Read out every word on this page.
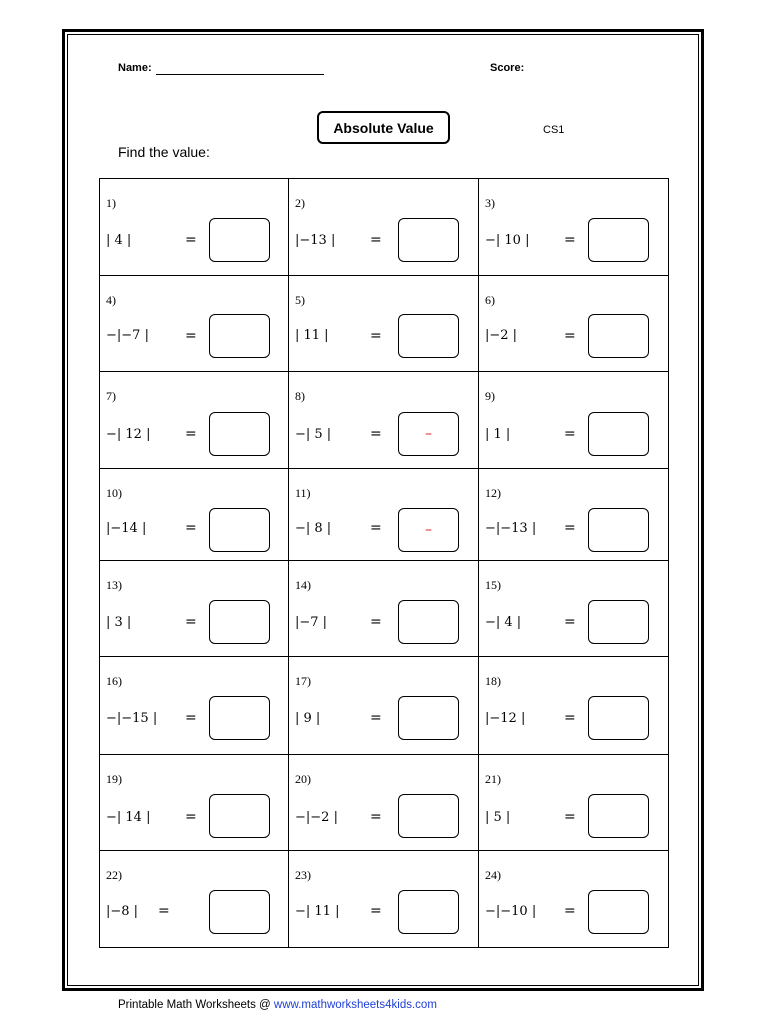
Name:	Score:
Absolute Value	CS1
Find the value:
1)
| 4 |	=
2)
|−13 | =
3)
−| 10 | =
4)
−|−7 |	=
5)
| 11 |	=
6)
|−2 |	=
7)
−| 12 | =
8)
−| 5 |	=	–
9)
| 1 |	=
10)
|−14 |	=
11)
−| 8 |	=	–
12)
−|−13 | =
13)
| 3 |	=
14)
|−7 |	=
15)
−| 4 |	=
16)
−|−15 | =
17)
| 9 |	=
18)
|−12 |	=
19)
−| 14 | =
20)
−|−2 | =
21)
| 5 |	=
22)
|−8 | =
23)
−| 11 | =
24)
−|−10 | =
Printable Math Worksheets @ www.mathworksheets4kids.com
